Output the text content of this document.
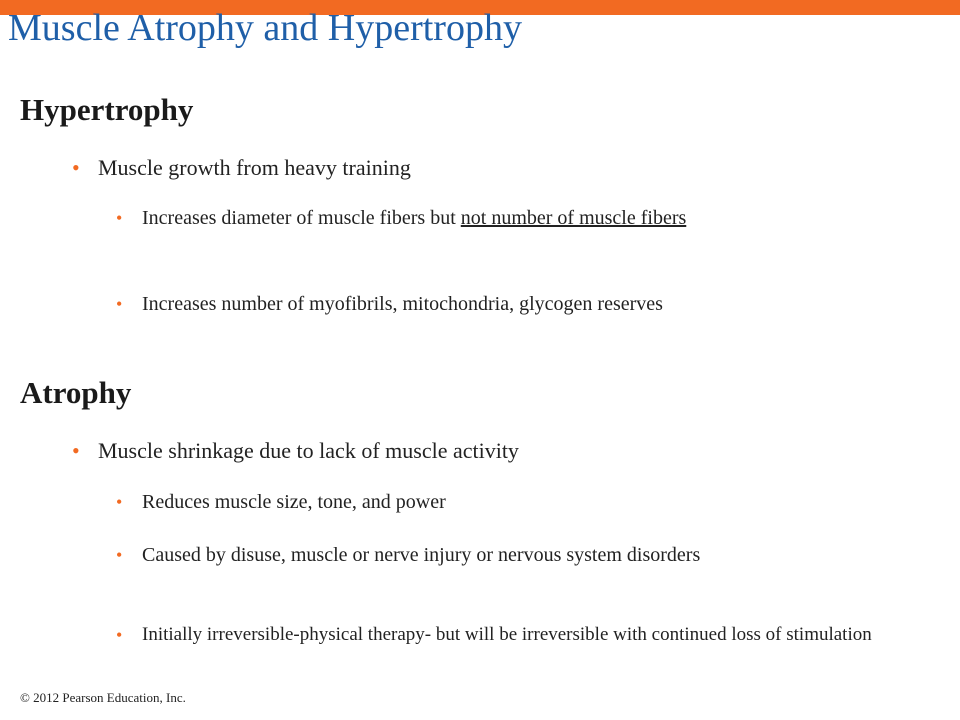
Muscle Atrophy and Hypertrophy
Hypertrophy

• Muscle growth from heavy training

• Increases diameter of muscle fibers but not number of muscle fibers

• Increases number of myofibrils, mitochondria, glycogen reserves

Atrophy

• Muscle shrinkage due to lack of muscle activity

• Reduces muscle size, tone, and power

• Caused by disuse, muscle or nerve injury or nervous system disorders

• Initially irreversible-physical therapy- but will be irreversible with continued loss of stimulation

© 2012 Pearson Education, Inc.
